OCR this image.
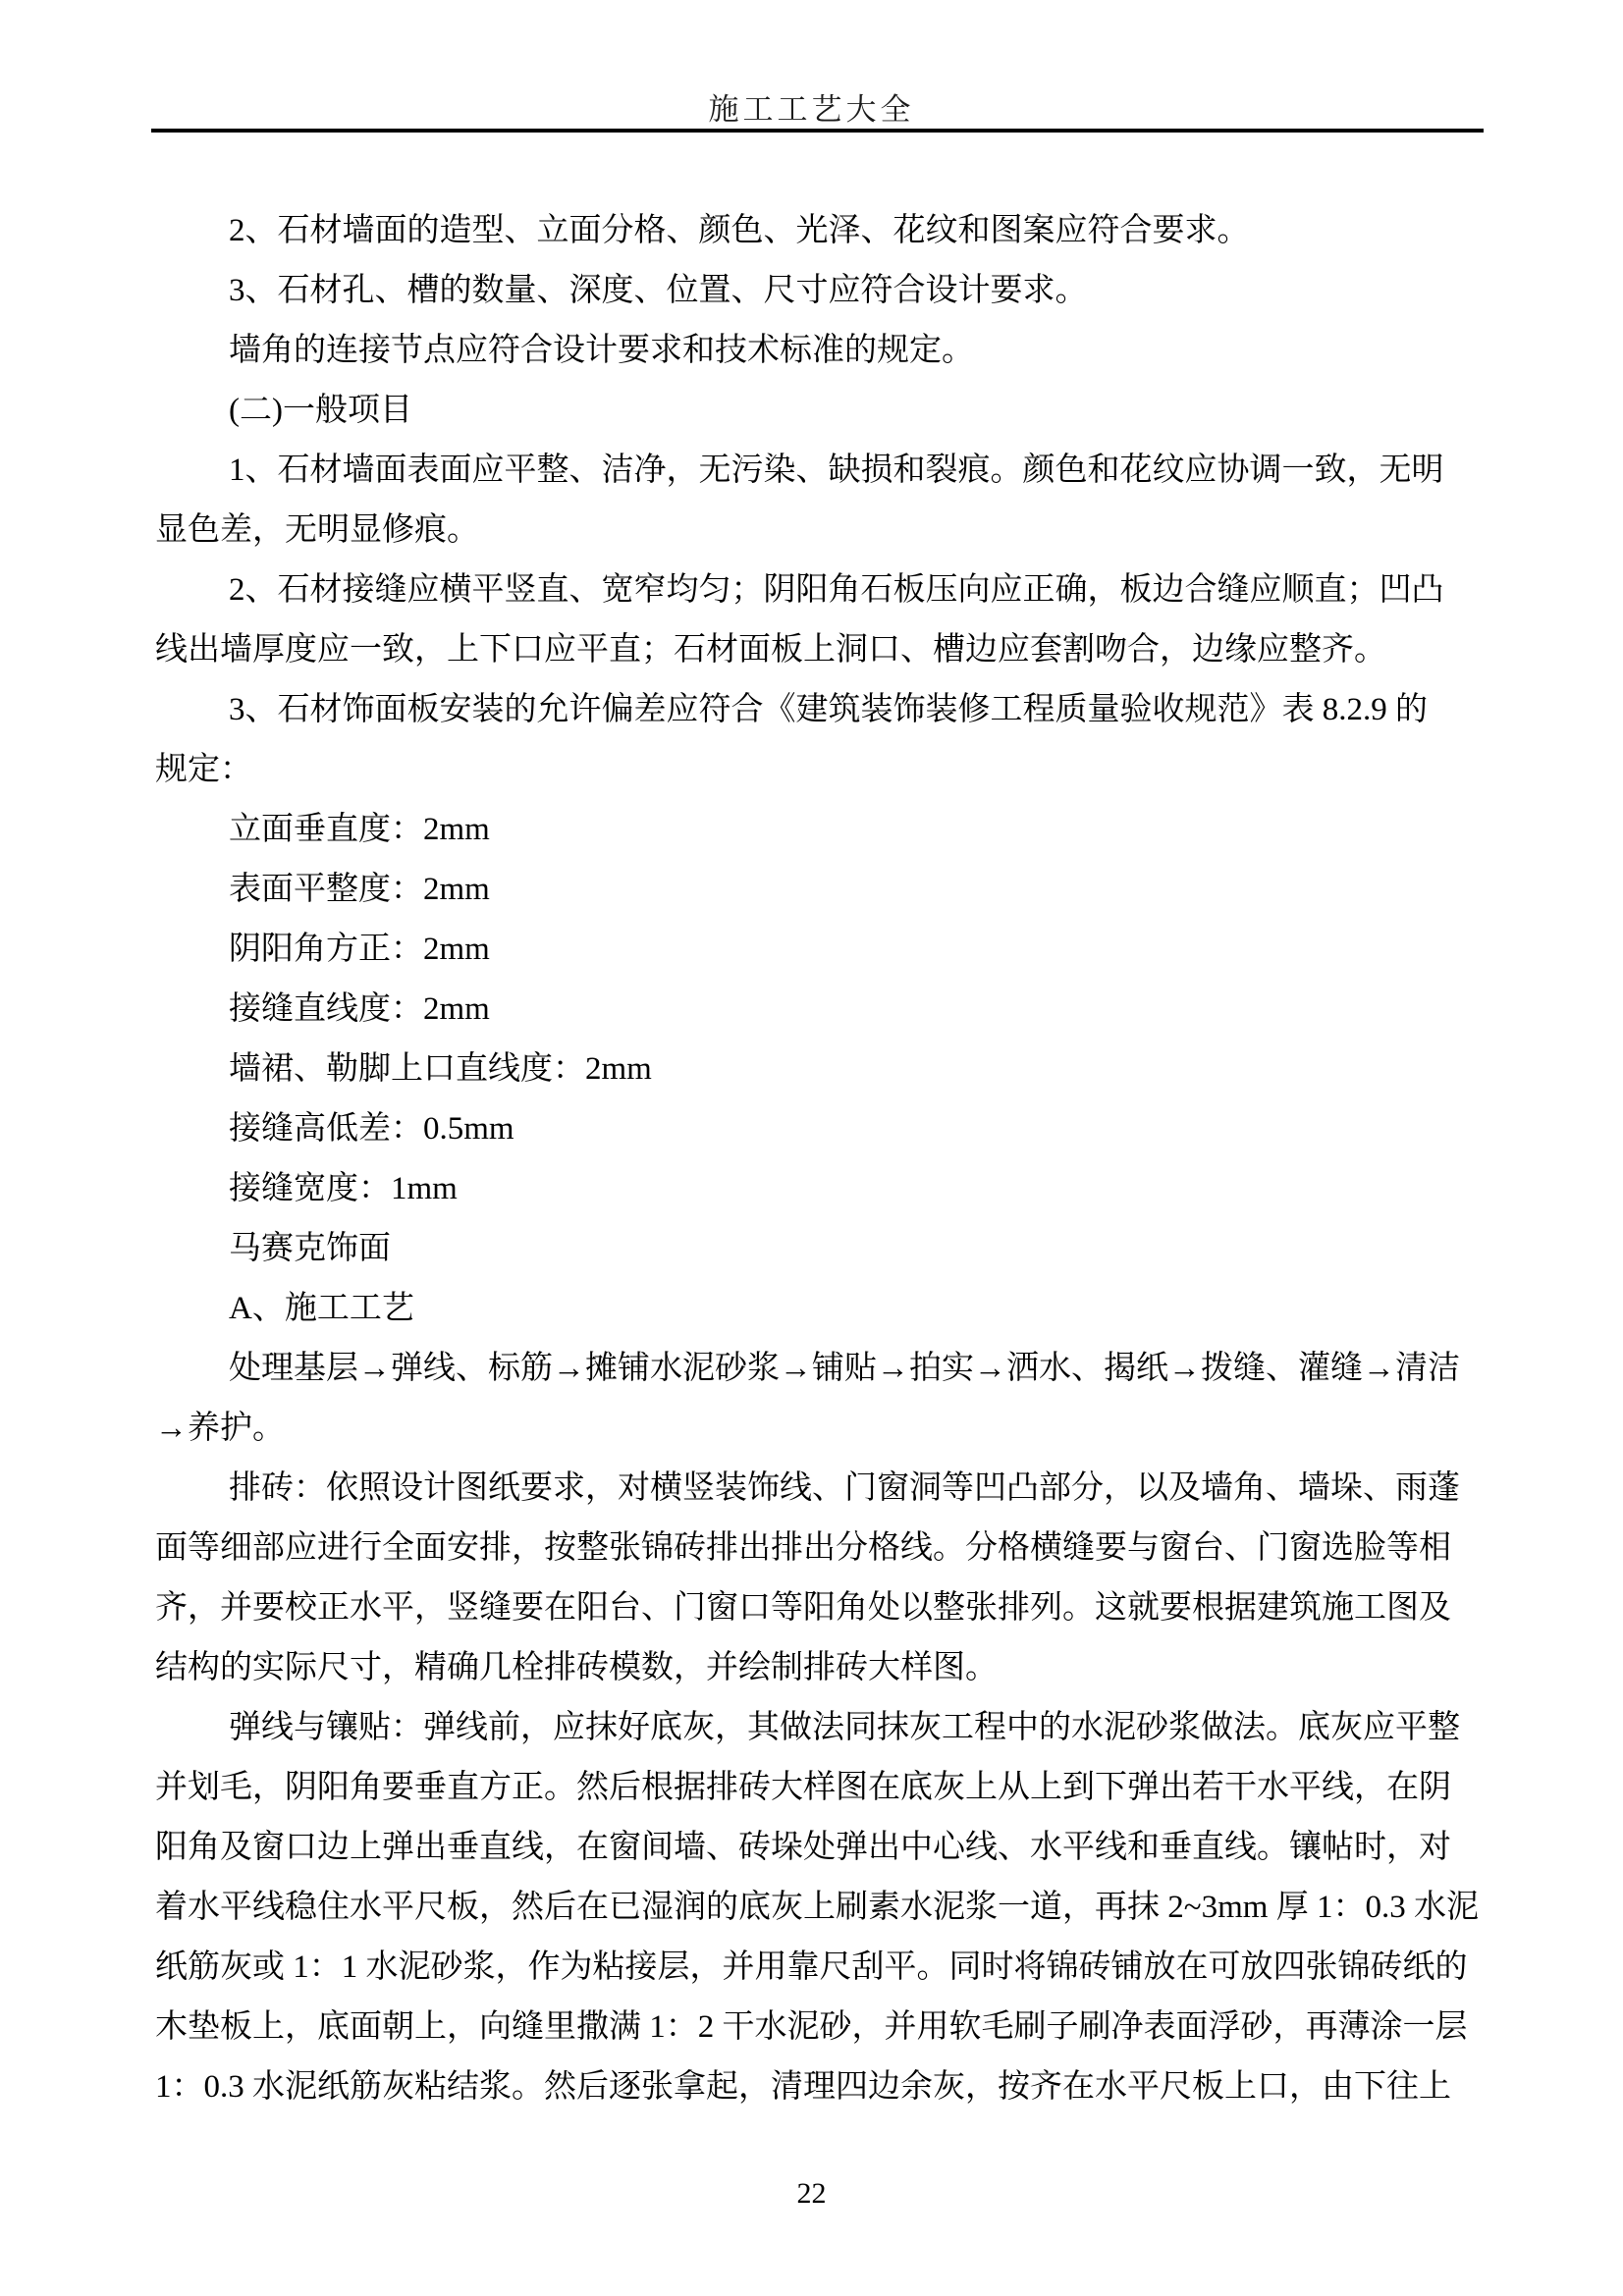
施工工艺大全
2、石材墙面的造型、立面分格、颜色、光泽、花纹和图案应符合要求。
3、石材孔、槽的数量、深度、位置、尺寸应符合设计要求。
墙角的连接节点应符合设计要求和技术标准的规定。
(二)一般项目
1、石材墙面表面应平整、洁净，无污染、缺损和裂痕。颜色和花纹应协调一致，无明
显色差，无明显修痕。
2、石材接缝应横平竖直、宽窄均匀；阴阳角石板压向应正确，板边合缝应顺直；凹凸
线出墙厚度应一致，上下口应平直；石材面板上洞口、槽边应套割吻合，边缘应整齐。
3、石材饰面板安装的允许偏差应符合《建筑装饰装修工程质量验收规范》表 8.2.9 的
规定：
立面垂直度：2mm
表面平整度：2mm
阴阳角方正：2mm
接缝直线度：2mm
墙裙、勒脚上口直线度：2mm
接缝高低差：0.5mm
接缝宽度：1mm
马赛克饰面
A、施工工艺
处理基层→弹线、标筋→摊铺水泥砂浆→铺贴→拍实→洒水、揭纸→拨缝、灌缝→清洁
→养护。
排砖：依照设计图纸要求，对横竖装饰线、门窗洞等凹凸部分，以及墙角、墙垛、雨蓬
面等细部应进行全面安排，按整张锦砖排出排出分格线。分格横缝要与窗台、门窗选脸等相
齐，并要校正水平，竖缝要在阳台、门窗口等阳角处以整张排列。这就要根据建筑施工图及
结构的实际尺寸，精确几栓排砖模数，并绘制排砖大样图。
弹线与镶贴：弹线前，应抹好底灰，其做法同抹灰工程中的水泥砂浆做法。底灰应平整
并划毛，阴阳角要垂直方正。然后根据排砖大样图在底灰上从上到下弹出若干水平线，在阴
阳角及窗口边上弹出垂直线，在窗间墙、砖垛处弹出中心线、水平线和垂直线。镶帖时，对
着水平线稳住水平尺板，然后在已湿润的底灰上刷素水泥浆一道，再抹 2~3mm 厚 1：0.3 水泥
纸筋灰或 1：1 水泥砂浆，作为粘接层，并用靠尺刮平。同时将锦砖铺放在可放四张锦砖纸的
木垫板上，底面朝上，向缝里撒满 1：2 干水泥砂，并用软毛刷子刷净表面浮砂，再薄涂一层
1：0.3 水泥纸筋灰粘结浆。然后逐张拿起，清理四边余灰，按齐在水平尺板上口，由下往上
22
